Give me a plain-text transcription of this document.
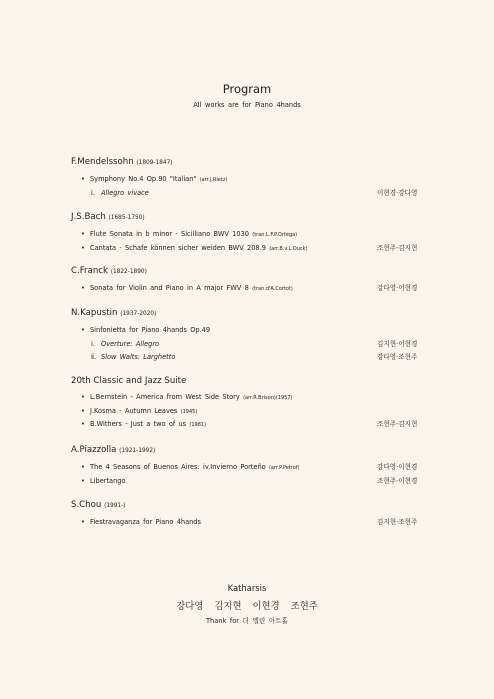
Program
All works are for Piano 4hands
F.Mendelssohn (1809-1847)
• Symphony No.4 Op.90 "Italian" (arr.J.Rietz)
ⅰ. Allegro vivace	이현경·강다영
J.S.Bach (1685-1750)
• Flute Sonata in b minor - Sicilliano BWV 1030 (tran.L.F.P.Ortega)
• Cantata - Schafe können sicher weiden BWV 208.9 (arr.B.v.L.Duck)	조현주·김지현
C.Franck (1822-1890)
• Sonata for Violin and Piano in A major FWV 8 (tran.d'A.Cortot)	강다영·이현경
N.Kapustin (1937-2020)
• Sinfonietta for Piano 4hands Op.49
ⅰ. Overture: Allegro	김지현·이현경
ⅱ. Slow Walts: Larghetto	강다영·조현주
20th Classic and Jazz Suite
• L.Bernstein - America from West Side Story (arr.R.Brison)(1957)
• J.Kosma - Autumn Leaves (1945)
• B.Withers - Just a two of us (1981)	조현주·김지현
A.Piazzolla (1921-1992)
• The 4 Seasons of Buenos Aires: iv.Invierno Porteño (arr.P.Petrof)	강다영·이현경
• Libertango	조현주·이현경
S.Chou (1991-)
• Fiestravaganza for Piano 4hands	김지현·조현주
Katharsis
강다영 김지현 이현경 조현주
Thank for 더 엘린 아트홀
